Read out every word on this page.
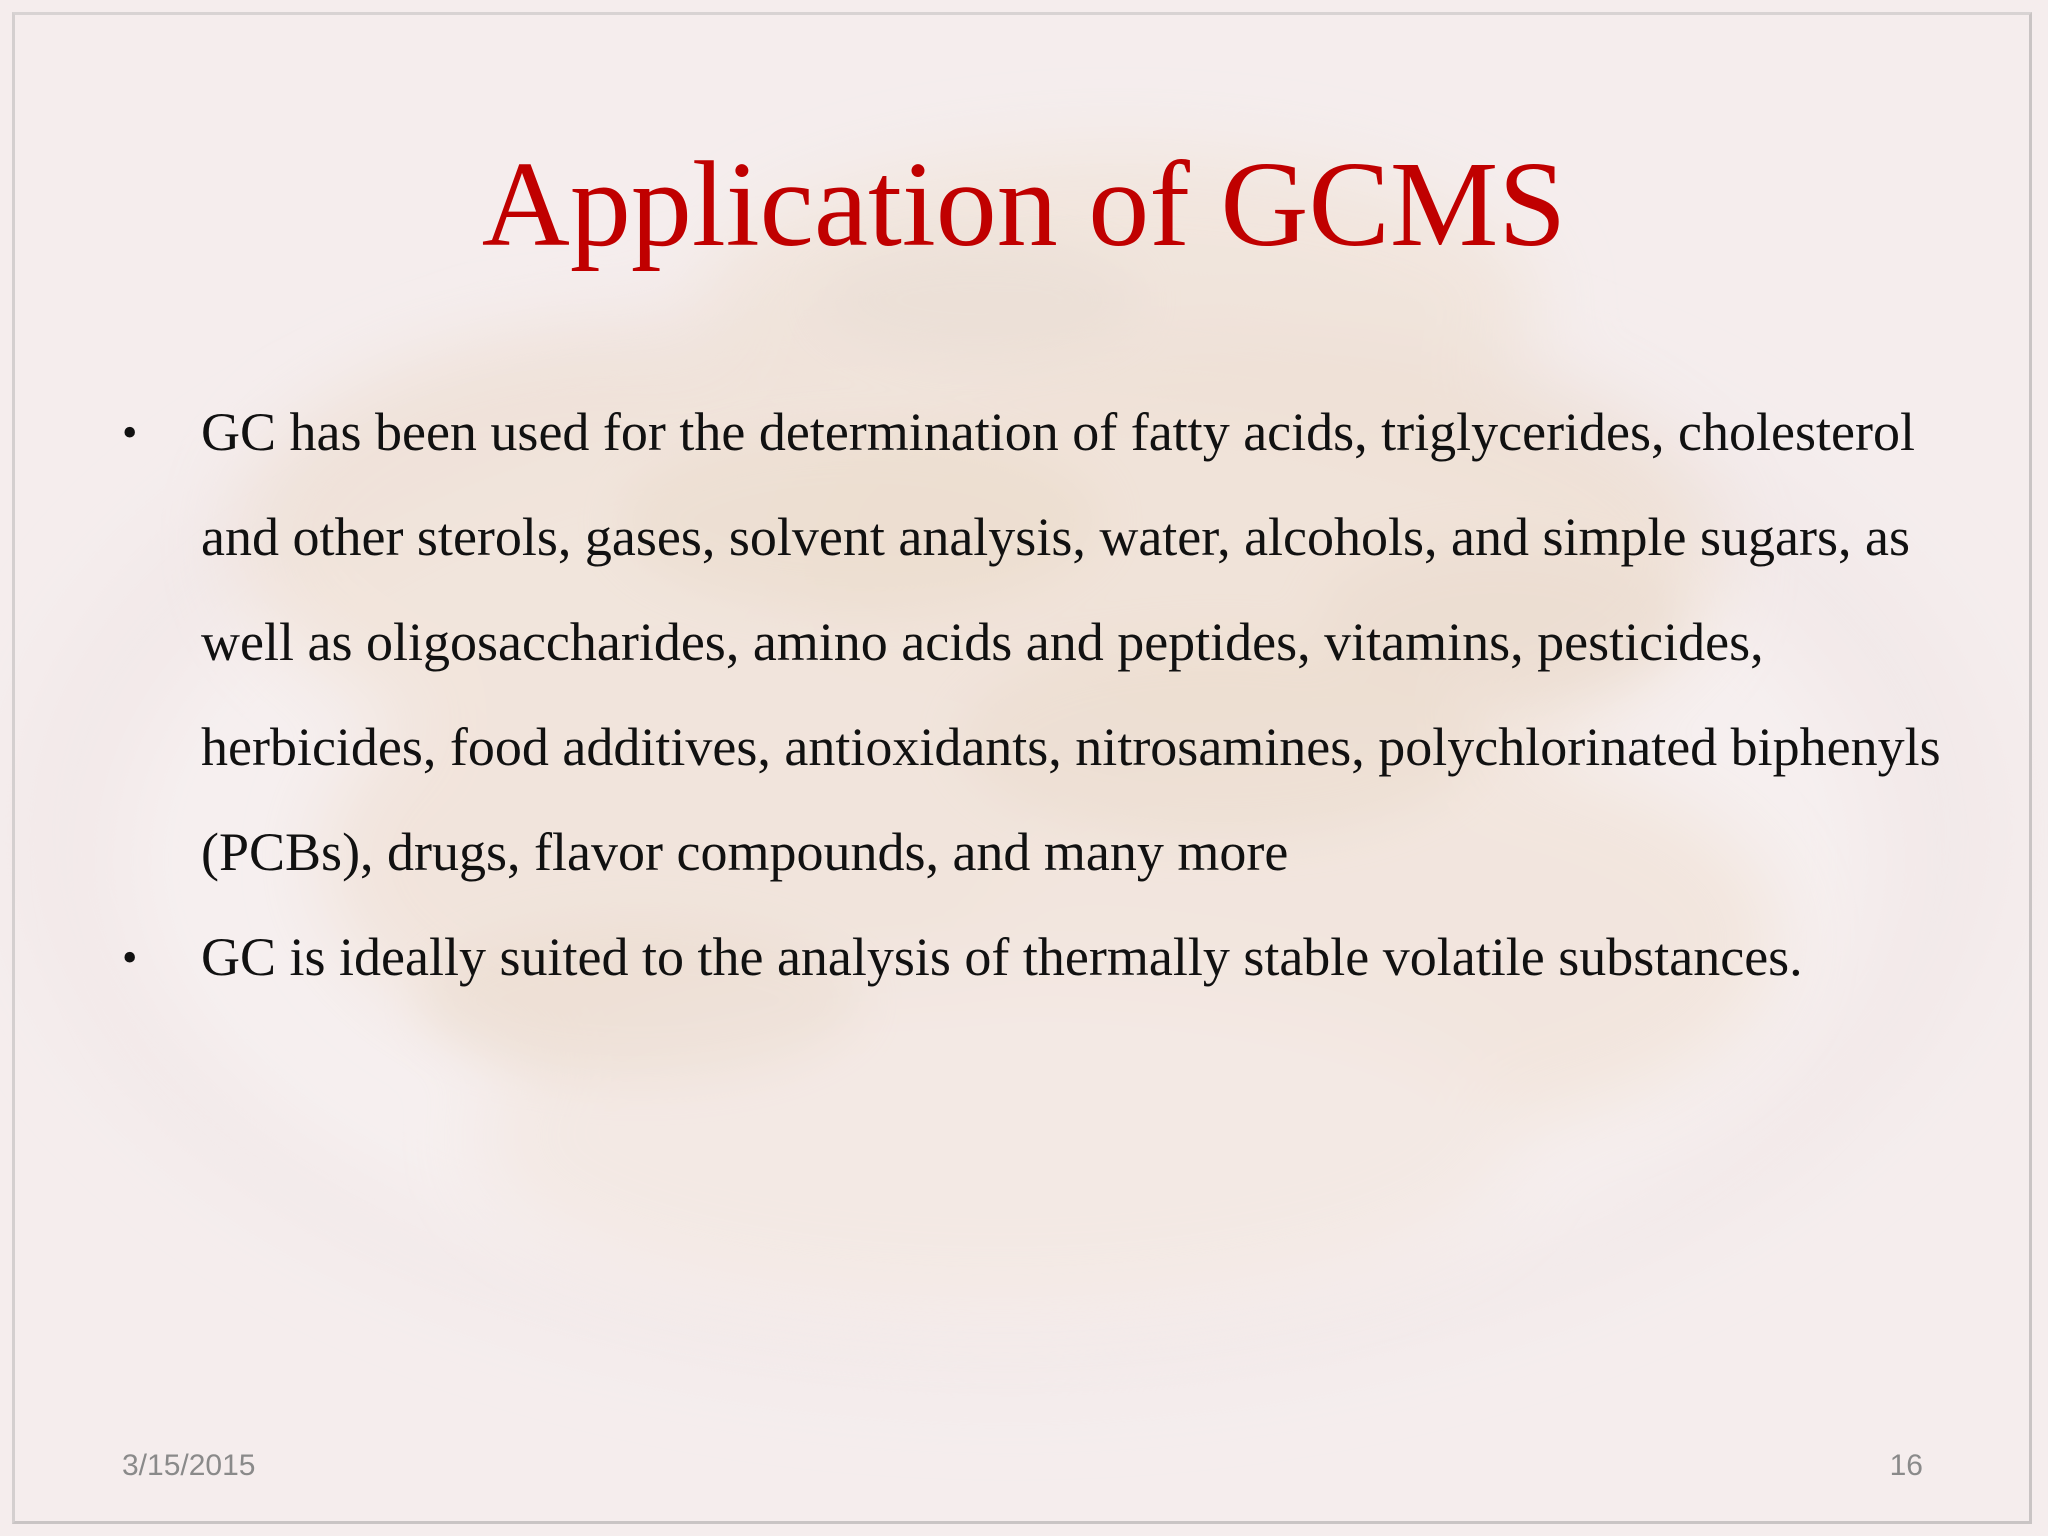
Application of GCMS
• GC has been used for the determination of fatty acids, triglycerides, cholesterol and other sterols, gases, solvent analysis, water, alcohols, and simple sugars, as well as oligosaccharides, amino acids and peptides, vitamins, pesticides, herbicides, food additives, antioxidants, nitrosamines, polychlorinated biphenyls (PCBs), drugs, flavor compounds, and many more
• GC is ideally suited to the analysis of thermally stable volatile substances.
3/15/2015	16
